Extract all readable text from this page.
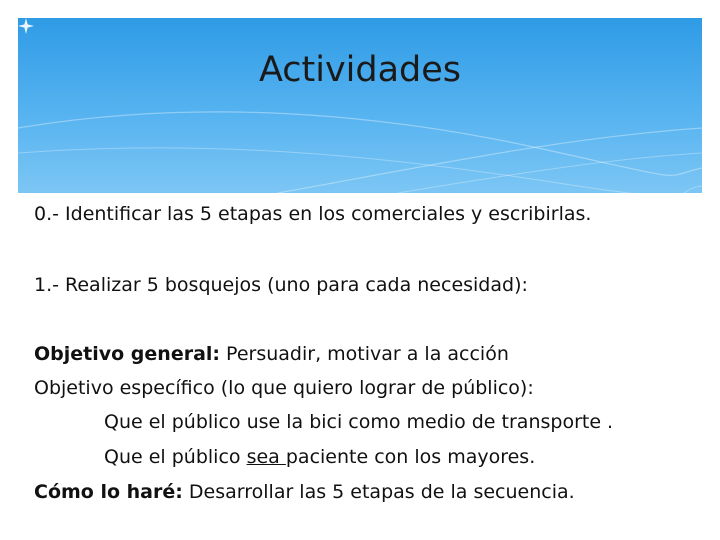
Actividades
0.- Identificar las 5 etapas en los comerciales y escribirlas.
1.- Realizar 5 bosquejos (uno para cada necesidad):
Objetivo general: Persuadir, motivar a la acción
Objetivo específico (lo que quiero lograr de público):
Que el público use la bici como medio de transporte .
Que el público sea paciente con los mayores.
Cómo lo haré: Desarrollar las 5 etapas de la secuencia.
